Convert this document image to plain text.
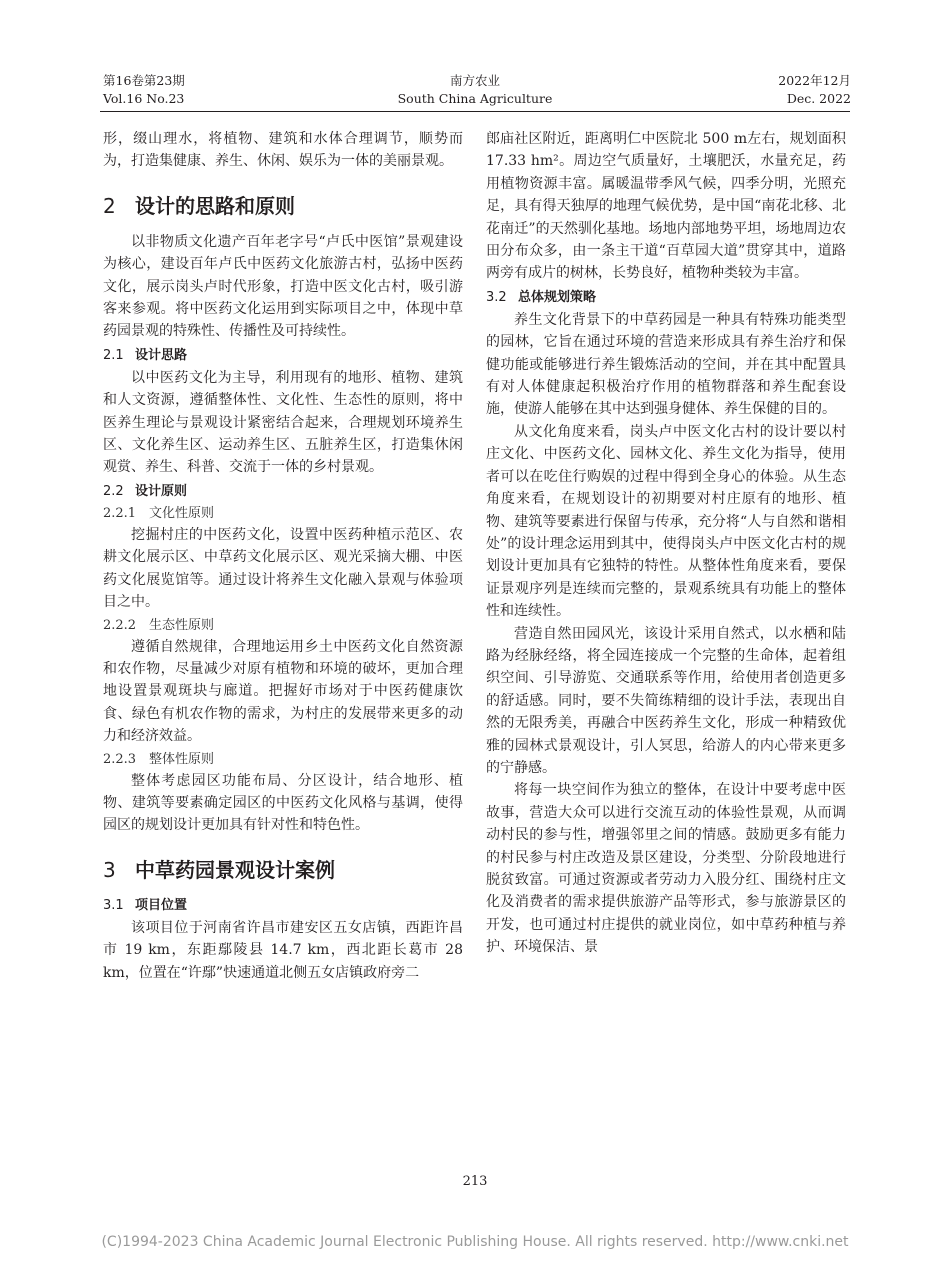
第16卷第23期
Vol.16 No.23
南方农业
South China Agriculture
2022年12月
Dec. 2022

形，缀山理水，将植物、建筑和水体合理调节，顺势而为，打造集健康、养生、休闲、娱乐为一体的美丽景观。

2 设计的思路和原则

以非物质文化遗产百年老字号“卢氏中医馆”景观建设为核心，建设百年卢氏中医药文化旅游古村，弘扬中医药文化，展示岗头卢时代形象，打造中医文化古村，吸引游客来参观。将中医药文化运用到实际项目之中，体现中草药园景观的特殊性、传播性及可持续性。

2.1 设计思路

以中医药文化为主导，利用现有的地形、植物、建筑和人文资源，遵循整体性、文化性、生态性的原则，将中医养生理论与景观设计紧密结合起来，合理规划环境养生区、文化养生区、运动养生区、五脏养生区，打造集休闲观赏、养生、科普、交流于一体的乡村景观。

2.2 设计原则
2.2.1 文化性原则

挖掘村庄的中医药文化，设置中医药种植示范区、农耕文化展示区、中草药文化展示区、观光采摘大棚、中医药文化展览馆等。通过设计将养生文化融入景观与体验项目之中。

2.2.2 生态性原则

遵循自然规律，合理地运用乡土中医药文化自然资源和农作物，尽量减少对原有植物和环境的破坏，更加合理地设置景观斑块与廊道。把握好市场对于中医药健康饮食、绿色有机农作物的需求，为村庄的发展带来更多的动力和经济效益。

2.2.3 整体性原则

整体考虑园区功能布局、分区设计，结合地形、植物、建筑等要素确定园区的中医药文化风格与基调，使得园区的规划设计更加具有针对性和特色性。

3 中草药园景观设计案例
3.1 项目位置

该项目位于河南省许昌市建安区五女店镇，西距许昌市 19 km，东距鄢陵县 14.7 km，西北距长葛市 28 km，位置在“许鄢”快速通道北侧五女店镇政府旁二

郎庙社区附近，距离明仁中医院北 500 m左右，规划面积17.33 hm²。周边空气质量好，土壤肥沃，水量充足，药用植物资源丰富。属暖温带季风气候，四季分明，光照充足，具有得天独厚的地理气候优势，是中国“南花北移、北花南迁”的天然驯化基地。场地内部地势平坦，场地周边农田分布众多，由一条主干道“百草园大道”贯穿其中，道路两旁有成片的树林，长势良好，植物种类较为丰富。

3.2 总体规划策略

养生文化背景下的中草药园是一种具有特殊功能类型的园林，它旨在通过环境的营造来形成具有养生治疗和保健功能或能够进行养生锻炼活动的空间，并在其中配置具有对人体健康起积极治疗作用的植物群落和养生配套设施，使游人能够在其中达到强身健体、养生保健的目的。

从文化角度来看，岗头卢中医文化古村的设计要以村庄文化、中医药文化、园林文化、养生文化为指导，使用者可以在吃住行购娱的过程中得到全身心的体验。从生态角度来看，在规划设计的初期要对村庄原有的地形、植物、建筑等要素进行保留与传承，充分将“人与自然和谐相处”的设计理念运用到其中，使得岗头卢中医文化古村的规划设计更加具有它独特的特性。从整体性角度来看，要保证景观序列是连续而完整的，景观系统具有功能上的整体性和连续性。

营造自然田园风光，该设计采用自然式，以水栖和陆路为经脉经络，将全园连接成一个完整的生命体，起着组织空间、引导游览、交通联系等作用，给使用者创造更多的舒适感。同时，要不失简练精细的设计手法，表现出自然的无限秀美，再融合中医药养生文化，形成一种精致优雅的园林式景观设计，引人冥思，给游人的内心带来更多的宁静感。

将每一块空间作为独立的整体，在设计中要考虑中医故事，营造大众可以进行交流互动的体验性景观，从而调动村民的参与性，增强邻里之间的情感。鼓励更多有能力的村民参与村庄改造及景区建设，分类型、分阶段地进行脱贫致富。可通过资源或者劳动力入股分红、围绕村庄文化及消费者的需求提供旅游产品等形式，参与旅游景区的开发，也可通过村庄提供的就业岗位，如中草药种植与养护、环境保洁、景

213
(C)1994-2023 China Academic Journal Electronic Publishing House. All rights reserved. http://www.cnki.net
